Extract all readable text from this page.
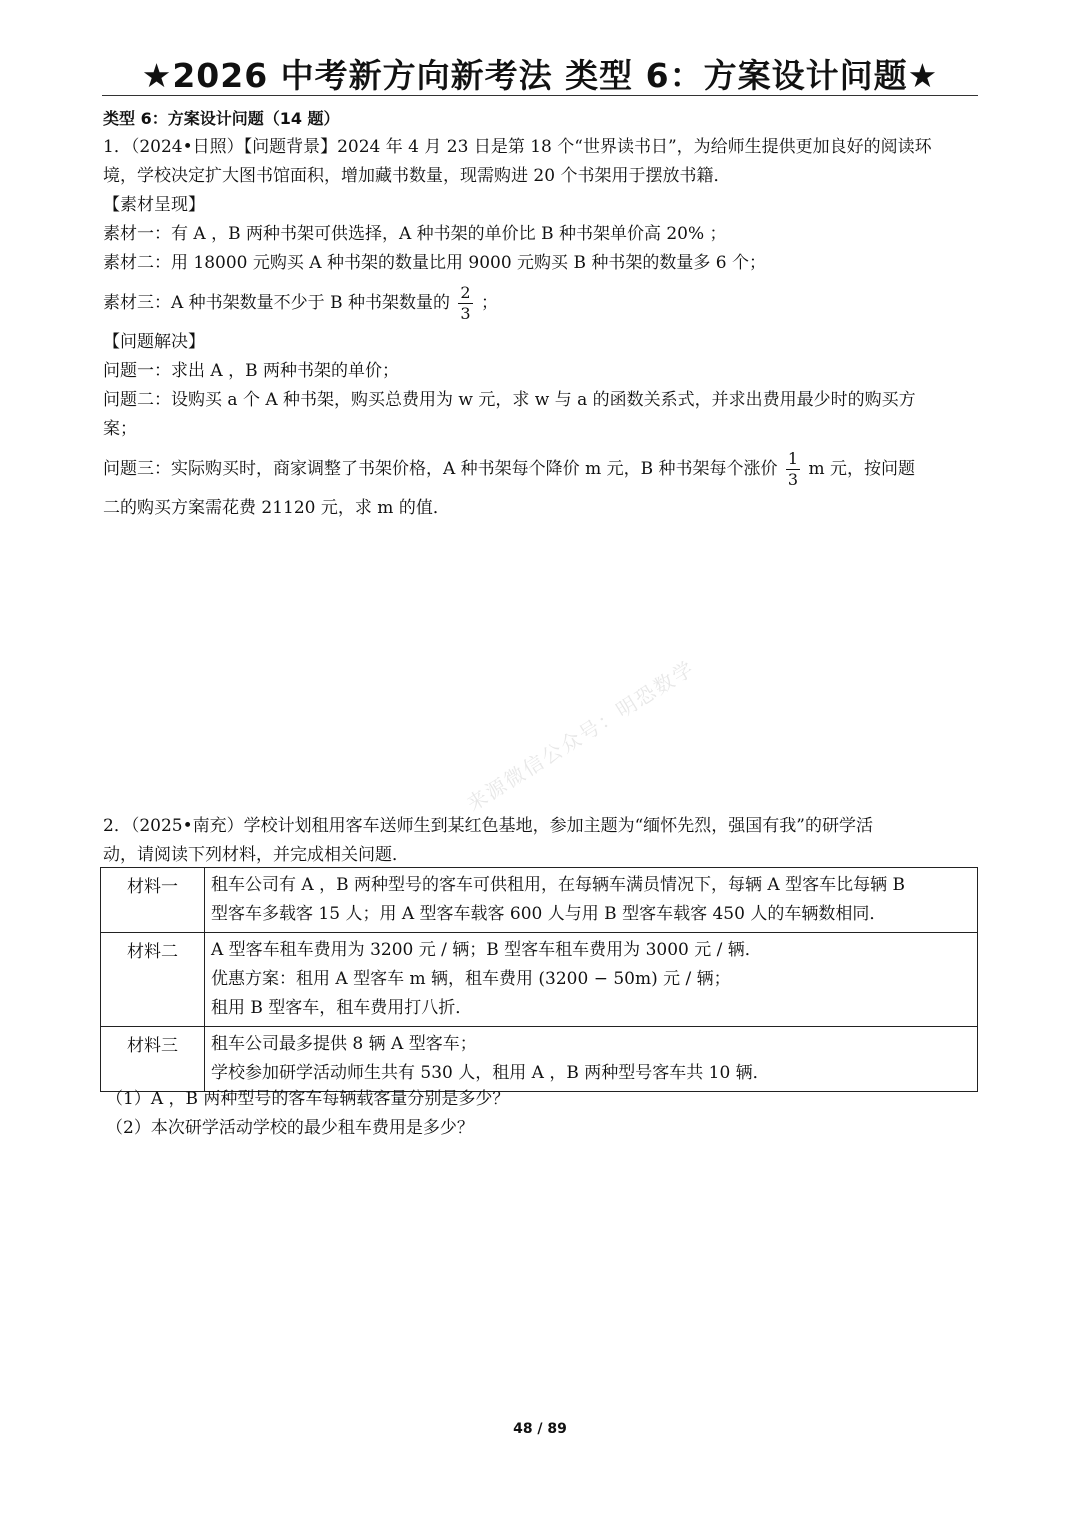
★2026 中考新方向新考法 类型 6：方案设计问题★
类型 6：方案设计问题（14 题）
1．（2024•日照）【问题背景】2024 年 4 月 23 日是第 18 个“世界读书日”，为给师生提供更加良好的阅读环
境，学校决定扩大图书馆面积，增加藏书数量，现需购进 20 个书架用于摆放书籍．
【素材呈现】
素材一：有 A ，B 两种书架可供选择，A 种书架的单价比 B 种书架单价高 20% ；
素材二：用 18000 元购买 A 种书架的数量比用 9000 元购买 B 种书架的数量多 6 个；
素材三：A 种书架数量不少于 B 种书架数量的 $\frac{2}{3}$ ；
【问题解决】
问题一：求出 A ，B 两种书架的单价；
问题二：设购买 a 个 A 种书架，购买总费用为 w 元，求 w 与 a 的函数关系式，并求出费用最少时的购买方
案；
问题三：实际购买时，商家调整了书架价格，A 种书架每个降价 m 元，B 种书架每个涨价 $\frac{1}{3}$ m 元，按问题
二的购买方案需花费 21120 元，求 m 的值．
来源微信公众号：明恐数学
2．（2025•南充）学校计划租用客车送师生到某红色基地，参加主题为“缅怀先烈，强国有我”的研学活
动，请阅读下列材料，并完成相关问题．
材料一	租车公司有 A ，B 两种型号的客车可供租用，在每辆车满员情况下，每辆 A 型客车比每辆 B
型客车多载客 15 人；用 A 型客车载客 600 人与用 B 型客车载客 450 人的车辆数相同．

材料二	A 型客车租车费用为 3200 元 / 辆；B 型客车租车费用为 3000 元 / 辆．
优惠方案：租用 A 型客车 m 辆，租车费用 (3200 − 50m) 元 / 辆；
租用 B 型客车，租车费用打八折．

材料三	租车公司最多提供 8 辆 A 型客车；
学校参加研学活动师生共有 530 人，租用 A ，B 两种型号客车共 10 辆．
（1）A ，B 两种型号的客车每辆载客量分别是多少？
（2）本次研学活动学校的最少租车费用是多少？
48 / 89
